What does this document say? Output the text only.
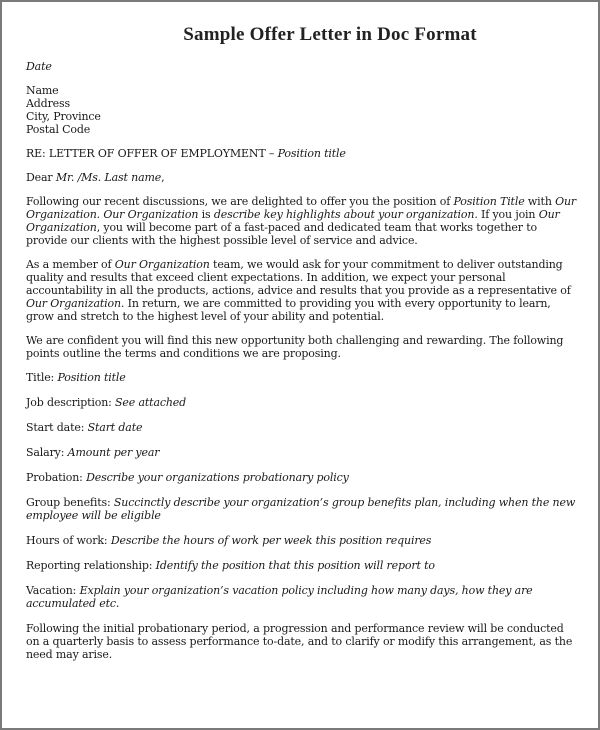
Sample Offer Letter in Doc Format

Date

Name
Address
City, Province
Postal Code

RE: LETTER OF OFFER OF EMPLOYMENT – Position title

Dear Mr. /Ms. Last name,

Following our recent discussions, we are delighted to offer you the position of Position Title with Our Organization. Our Organization is describe key highlights about your organization. If you join Our Organization, you will become part of a fast-paced and dedicated team that works together to provide our clients with the highest possible level of service and advice.

As a member of Our Organization team, we would ask for your commitment to deliver outstanding quality and results that exceed client expectations. In addition, we expect your personal accountability in all the products, actions, advice and results that you provide as a representative of Our Organization. In return, we are committed to providing you with every opportunity to learn, grow and stretch to the highest level of your ability and potential.

We are confident you will find this new opportunity both challenging and rewarding. The following points outline the terms and conditions we are proposing.

Title: Position title

Job description: See attached

Start date: Start date

Salary: Amount per year

Probation: Describe your organizations probationary policy

Group benefits: Succinctly describe your organization’s group benefits plan, including when the new employee will be eligible

Hours of work: Describe the hours of work per week this position requires

Reporting relationship: Identify the position that this position will report to

Vacation: Explain your organization’s vacation policy including how many days, how they are accumulated etc.

Following the initial probationary period, a progression and performance review will be conducted on a quarterly basis to assess performance to-date, and to clarify or modify this arrangement, as the need may arise.
